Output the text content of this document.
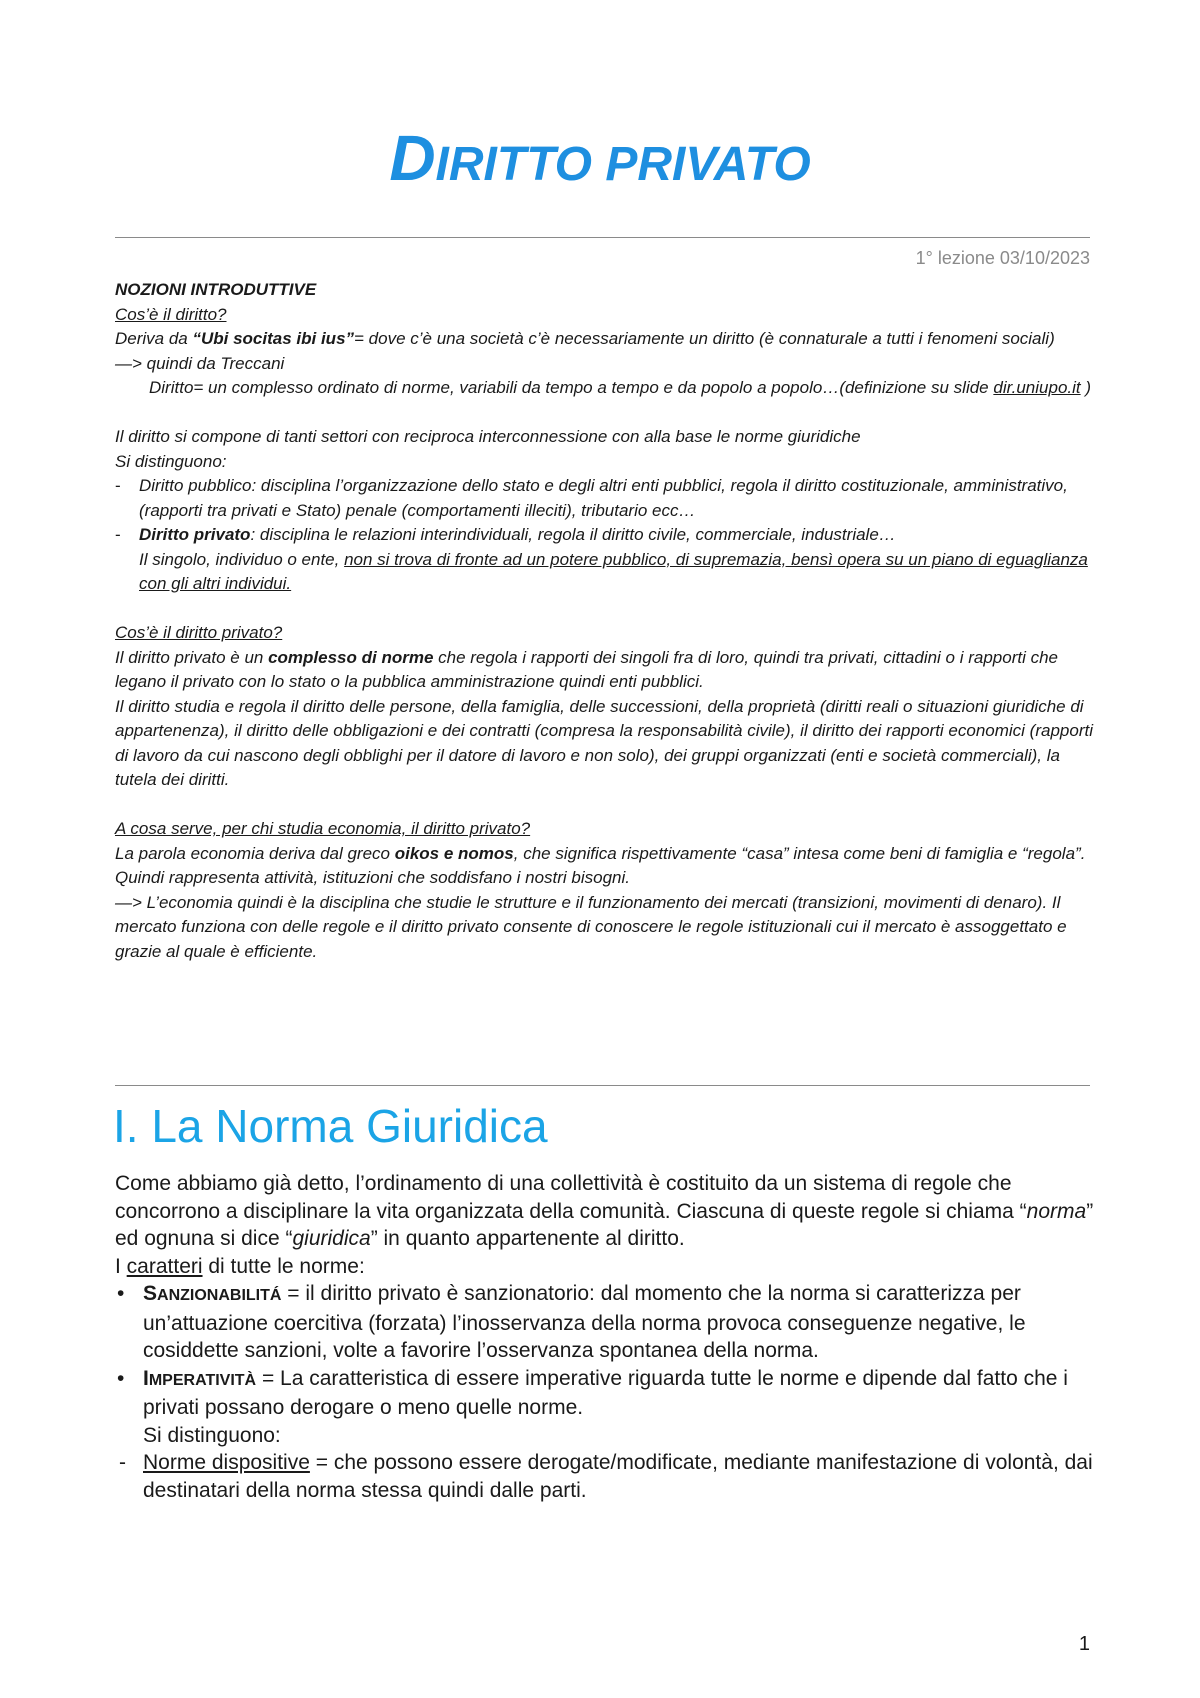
DIRITTO PRIVATO
1° lezione 03/10/2023

NOZIONI INTRODUTTIVE

Cos’è il diritto?

Deriva da “Ubi socitas ibi ius”= dove c’è una società c’è necessariamente un diritto (è connaturale a tutti i fenomeni sociali)

—> quindi da Treccani

Diritto= un complesso ordinato di norme, variabili da tempo a tempo e da popolo a popolo…(definizione su slide dir.uniupo.it )

Il diritto si compone di tanti settori con reciproca interconnessione con alla base le norme giuridiche

Si distinguono:

- Diritto pubblico: disciplina l’organizzazione dello stato e degli altri enti pubblici, regola il diritto costituzionale, amministrativo, (rapporti tra privati e Stato) penale (comportamenti illeciti), tributario ecc…
- Diritto privato: disciplina le relazioni interindividuali, regola il diritto civile, commerciale, industriale…
Il singolo, individuo o ente, non si trova di fronte ad un potere pubblico, di supremazia, bensì opera su un piano di eguaglianza con gli altri individui.

Cos’è il diritto privato?

Il diritto privato è un complesso di norme che regola i rapporti dei singoli fra di loro, quindi tra privati, cittadini o i rapporti che legano il privato con lo stato o la pubblica amministrazione quindi enti pubblici.

Il diritto studia e regola il diritto delle persone, della famiglia, delle successioni, della proprietà (diritti reali o situazioni giuridiche di appartenenza), il diritto delle obbligazioni e dei contratti (compresa la responsabilità civile), il diritto dei rapporti economici (rapporti di lavoro da cui nascono degli obblighi per il datore di lavoro e non solo), dei gruppi organizzati (enti e società commerciali), la tutela dei diritti.

A cosa serve, per chi studia economia, il diritto privato?

La parola economia deriva dal greco oikos e nomos, che significa rispettivamente “casa” intesa come beni di famiglia e “regola”. Quindi rappresenta attività, istituzioni che soddisfano i nostri bisogni.

—> L’economia quindi è la disciplina che studie le strutture e il funzionamento dei mercati (transizioni, movimenti di denaro). Il mercato funziona con delle regole e il diritto privato consente di conoscere le regole istituzionali cui il mercato è assoggettato e grazie al quale è efficiente.

I. La Norma Giuridica

Come abbiamo già detto, l’ordinamento di una collettività è costituito da un sistema di regole che concorrono a disciplinare la vita organizzata della comunità. Ciascuna di queste regole si chiama “norma” ed ognuna si dice “giuridica” in quanto appartenente al diritto.

I caratteri di tutte le norme:

• SANZIONABILITÁ = il diritto privato è sanzionatorio: dal momento che la norma si caratterizza per un’attuazione coercitiva (forzata) l’inosservanza della norma provoca conseguenze negative, le cosiddette sanzioni, volte a favorire l’osservanza spontanea della norma.
• IMPERATIVITÀ = La caratteristica di essere imperative riguarda tutte le norme e dipende dal fatto che i privati possano derogare o meno quelle norme.
Si distinguono:
- Norme dispositive = che possono essere derogate/modificate, mediante manifestazione di volontà, dai destinatari della norma stessa quindi dalle parti.
1
